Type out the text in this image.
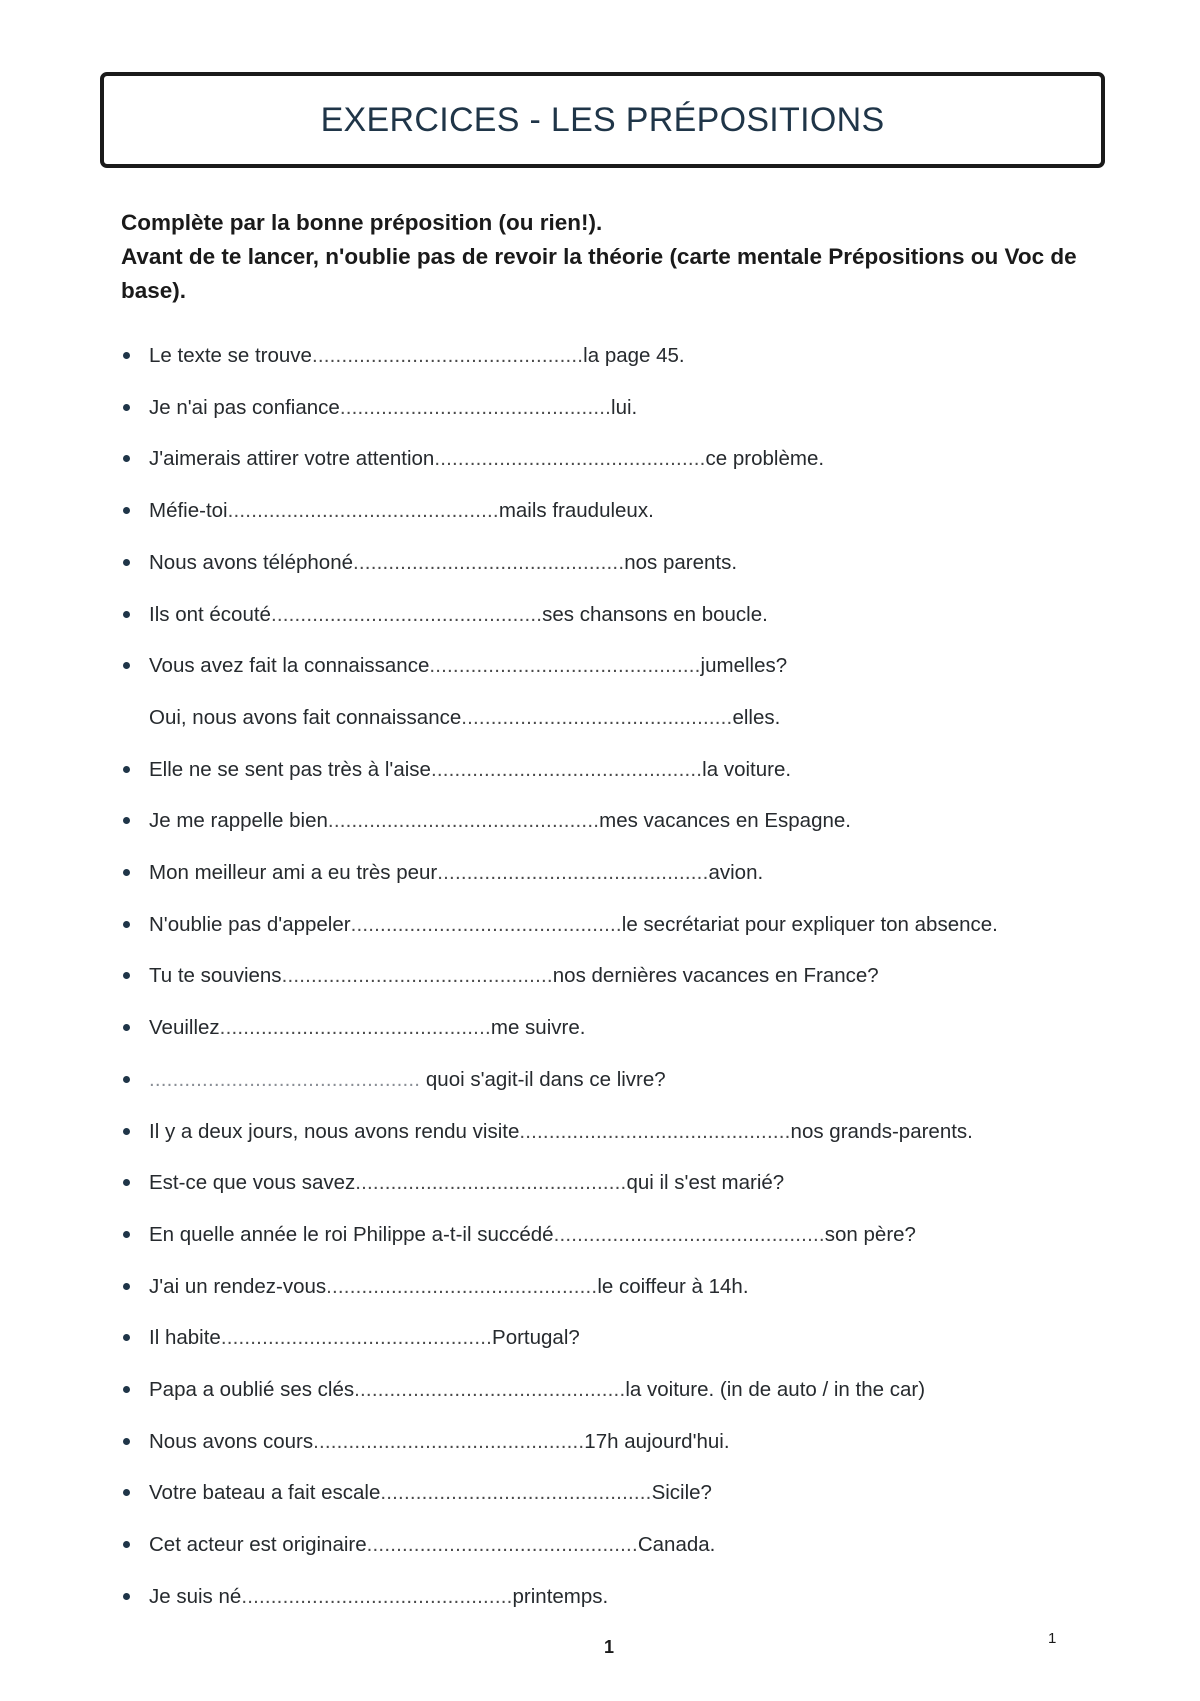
EXERCICES - LES PRÉPOSITIONS

Complète par la bonne préposition (ou rien!).

Avant de te lancer, n'oublie pas de revoir la théorie (carte mentale Prépositions ou Voc de base).

Le texte se trouve..............................................la page 45.
Je n'ai pas confiance..............................................lui.
J'aimerais attirer votre attention..............................................ce problème.
Méfie-toi..............................................mails frauduleux.
Nous avons téléphoné..............................................nos parents.
Ils ont écouté..............................................ses chansons en boucle.
Vous avez fait la connaissance..............................................jumelles?
Oui, nous avons fait connaissance..............................................elles.
Elle ne se sent pas très à l'aise..............................................la voiture.
Je me rappelle bien..............................................mes vacances en Espagne.
Mon meilleur ami a eu très peur..............................................avion.
N'oublie pas d'appeler..............................................le secrétariat pour expliquer ton absence.
Tu te souviens..............................................nos dernières vacances en France?
Veuillez..............................................me suivre.
.............................................. quoi s'agit-il dans ce livre?
Il y a deux jours, nous avons rendu visite..............................................nos grands-parents.
Est-ce que vous savez..............................................qui il s'est marié?
En quelle année le roi Philippe a-t-il succédé..............................................son père?
J'ai un rendez-vous..............................................le coiffeur à 14h.
Il habite..............................................Portugal?
Papa a oublié ses clés..............................................la voiture. (in de auto / in the car)
Nous avons cours..............................................17h aujourd'hui.
Votre bateau a fait escale..............................................Sicile?
Cet acteur est originaire..............................................Canada.
Je suis né..............................................printemps.
1	1
